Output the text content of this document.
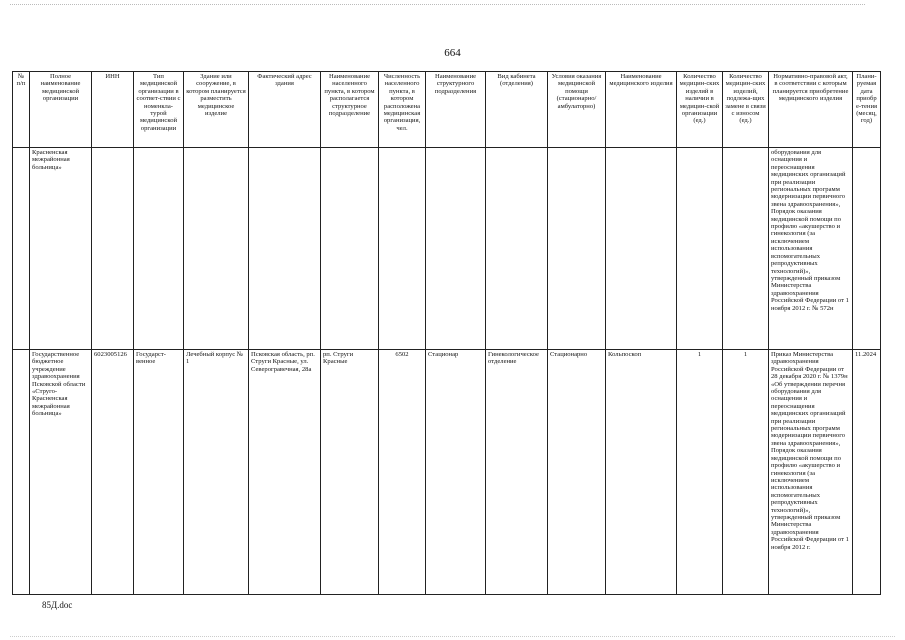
664
№ п/п	Полное наименование медицинской организации	ИНН	Тип медицинской организации в соответ-ствии с номенкла-турой медицинской организации	Здание или сооружение, в котором планируется разместить медицинское изделие	Фактический адрес здания	Наименование населенного пункта, в котором располагается структурное подразделение	Численность населенного пункта, в котором расположена медицинская организация, чел.	Наименование структурного подразделения	Вид кабинета (отделения)	Условия оказания медицинской помощи (стационарно/ амбулаторно)	Наименование медицинского изделия	Количество медицин-ских изделий в наличии в медицин-ской организации (ед.)	Количество медицин-ских изделий, подлежа-щих замене в связи с износом (ед.)	Нормативно-правовой акт, в соответствии с которым планируется приобретение медицинского изделия	Плани-руемая дата приобре-тения (месяц, год)
	Красненская межрайонная больница»													оборудования для оснащения и переоснащения медицинских организаций при реализации региональных программ модернизации первичного звена здравоохранения», Порядок оказания медицинской помощи по профилю «акушерство и гинекология (за исключением использования вспомогательных репродуктивных технологий)», утвержденный приказом Министерства здравоохранения Российской Федерации от 1 ноября 2012 г. № 572н	
	Государственное бюджетное учреждение здравоохранения Псковской области «Струго-Красненская межрайонная больница»	6023005126	Государст-венное	Лечебный корпус № 1	Псковская область, рп. Струги Красные, ул. Северогравечная, 28а	рп. Струги Красные	6502	Стационар	Гинекологическое отделение	Стационарно	Кольпоскоп	1	1	Приказ Министерства здравоохранения Российской Федерации от 28 декабря 2020 г. № 1379н «Об утверждении перечня оборудования для оснащения и переоснащения медицинских организаций при реализации региональных программ модернизации первичного звена здравоохранения», Порядок оказания медицинской помощи по профилю «акушерство и гинекология (за исключением использования вспомогательных репродуктивных технологий)», утвержденный приказом Министерства здравоохранения Российской Федерации от 1 ноября 2012 г.	11.2024
85Д.doc
